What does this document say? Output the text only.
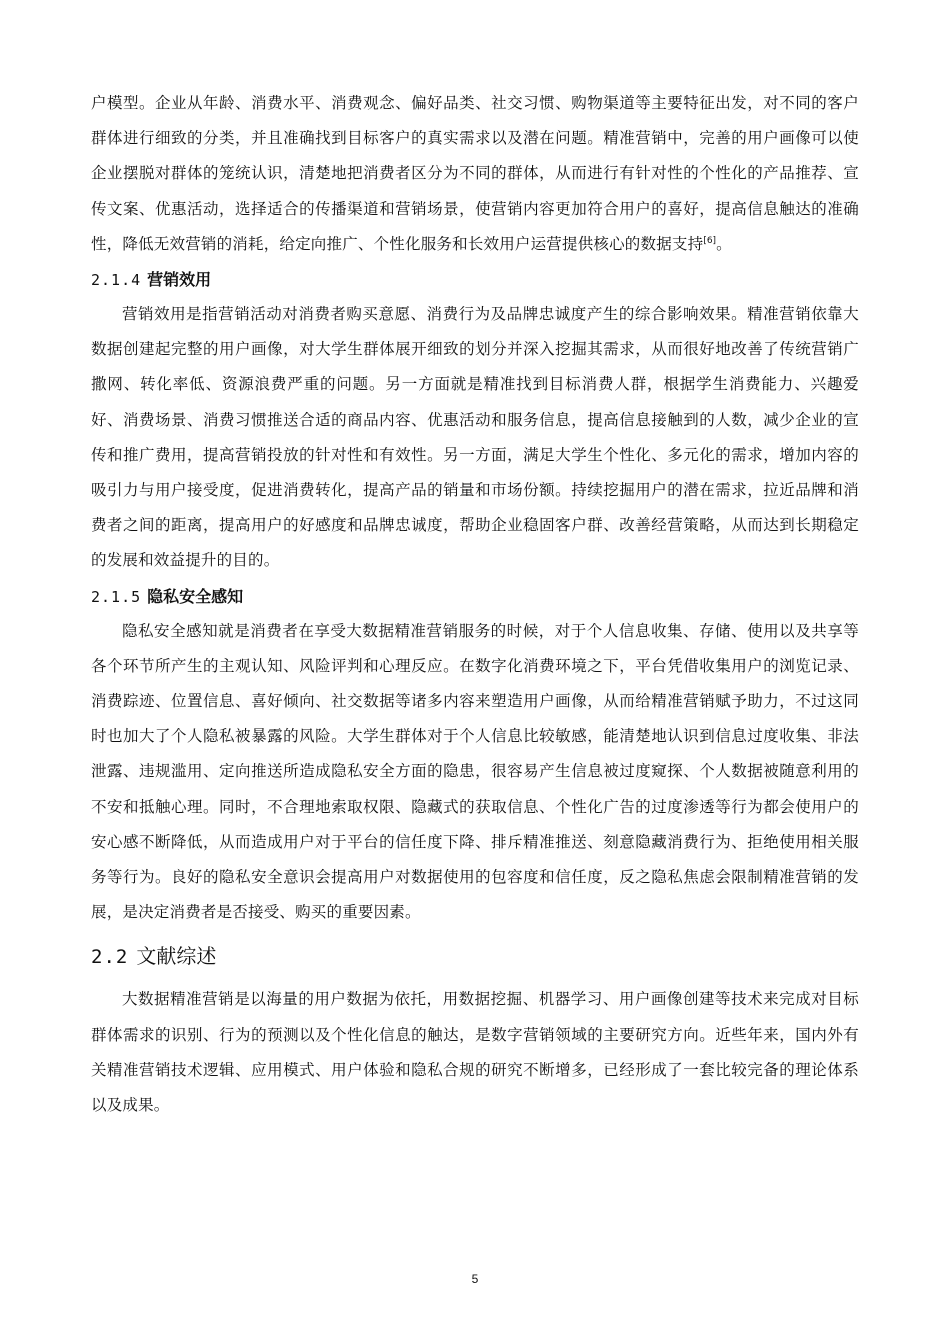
户模型。企业从年龄、消费水平、消费观念、偏好品类、社交习惯、购物渠道等主要特征出发，对不同的客户群体进行细致的分类，并且准确找到目标客户的真实需求以及潜在问题。精准营销中，完善的用户画像可以使企业摆脱对群体的笼统认识，清楚地把消费者区分为不同的群体，从而进行有针对性的个性化的产品推荐、宣传文案、优惠活动，选择适合的传播渠道和营销场景，使营销内容更加符合用户的喜好，提高信息触达的准确性，降低无效营销的消耗，给定向推广、个性化服务和长效用户运营提供核心的数据支持[6]。

2.1.4 营销效用

营销效用是指营销活动对消费者购买意愿、消费行为及品牌忠诚度产生的综合影响效果。精准营销依靠大数据创建起完整的用户画像，对大学生群体展开细致的划分并深入挖掘其需求，从而很好地改善了传统营销广撒网、转化率低、资源浪费严重的问题。另一方面就是精准找到目标消费人群，根据学生消费能力、兴趣爱好、消费场景、消费习惯推送合适的商品内容、优惠活动和服务信息，提高信息接触到的人数，减少企业的宣传和推广费用，提高营销投放的针对性和有效性。另一方面，满足大学生个性化、多元化的需求，增加内容的吸引力与用户接受度，促进消费转化，提高产品的销量和市场份额。持续挖掘用户的潜在需求，拉近品牌和消费者之间的距离，提高用户的好感度和品牌忠诚度，帮助企业稳固客户群、改善经营策略，从而达到长期稳定的发展和效益提升的目的。

2.1.5 隐私安全感知

隐私安全感知就是消费者在享受大数据精准营销服务的时候，对于个人信息收集、存储、使用以及共享等各个环节所产生的主观认知、风险评判和心理反应。在数字化消费环境之下，平台凭借收集用户的浏览记录、消费踪迹、位置信息、喜好倾向、社交数据等诸多内容来塑造用户画像，从而给精准营销赋予助力，不过这同时也加大了个人隐私被暴露的风险。大学生群体对于个人信息比较敏感，能清楚地认识到信息过度收集、非法泄露、违规滥用、定向推送所造成隐私安全方面的隐患，很容易产生信息被过度窥探、个人数据被随意利用的不安和抵触心理。同时，不合理地索取权限、隐藏式的获取信息、个性化广告的过度渗透等行为都会使用户的安心感不断降低，从而造成用户对于平台的信任度下降、排斥精准推送、刻意隐藏消费行为、拒绝使用相关服务等行为。良好的隐私安全意识会提高用户对数据使用的包容度和信任度，反之隐私焦虑会限制精准营销的发展，是决定消费者是否接受、购买的重要因素。

2.2 文献综述

大数据精准营销是以海量的用户数据为依托，用数据挖掘、机器学习、用户画像创建等技术来完成对目标群体需求的识别、行为的预测以及个性化信息的触达，是数字营销领域的主要研究方向。近些年来，国内外有关精准营销技术逻辑、应用模式、用户体验和隐私合规的研究不断增多，已经形成了一套比较完备的理论体系以及成果。

5
